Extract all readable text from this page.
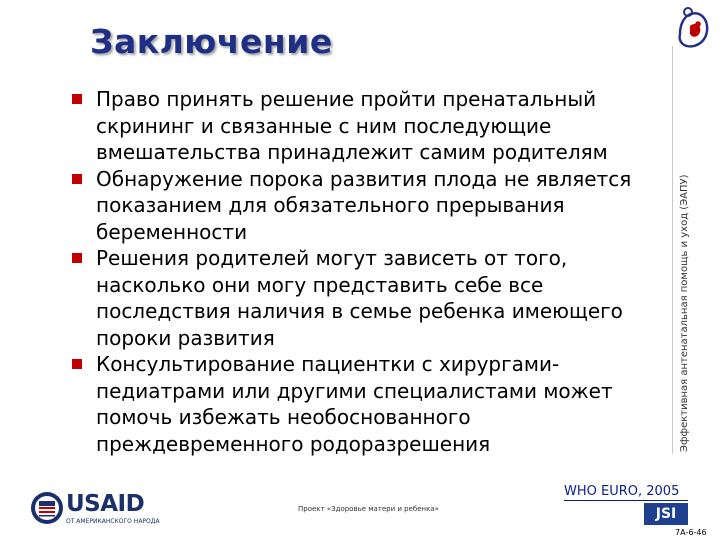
Заключение
Эффективная антенатальная помощь и уход (ЭАПУ)
Право принять решение пройти пренатальный скрининг и связанные с ним последующие вмешательства принадлежит самим родителям
Обнаружение порока развития плода не является показанием для обязательного прерывания беременности
Решения родителей могут зависеть от того, насколько они могу представить себе все последствия наличия в семье ребенка имеющего пороки развития
Консультирование пациентки с хирургами-педиатрами или другими специалистами может помочь избежать необоснованного преждевременного родоразрешения
USAID
ОТ АМЕРИКАНСКОГО НАРОДА
Проект «Здоровье матери и ребенка»
WHO EURO, 2005
JSI
7А-6-46
